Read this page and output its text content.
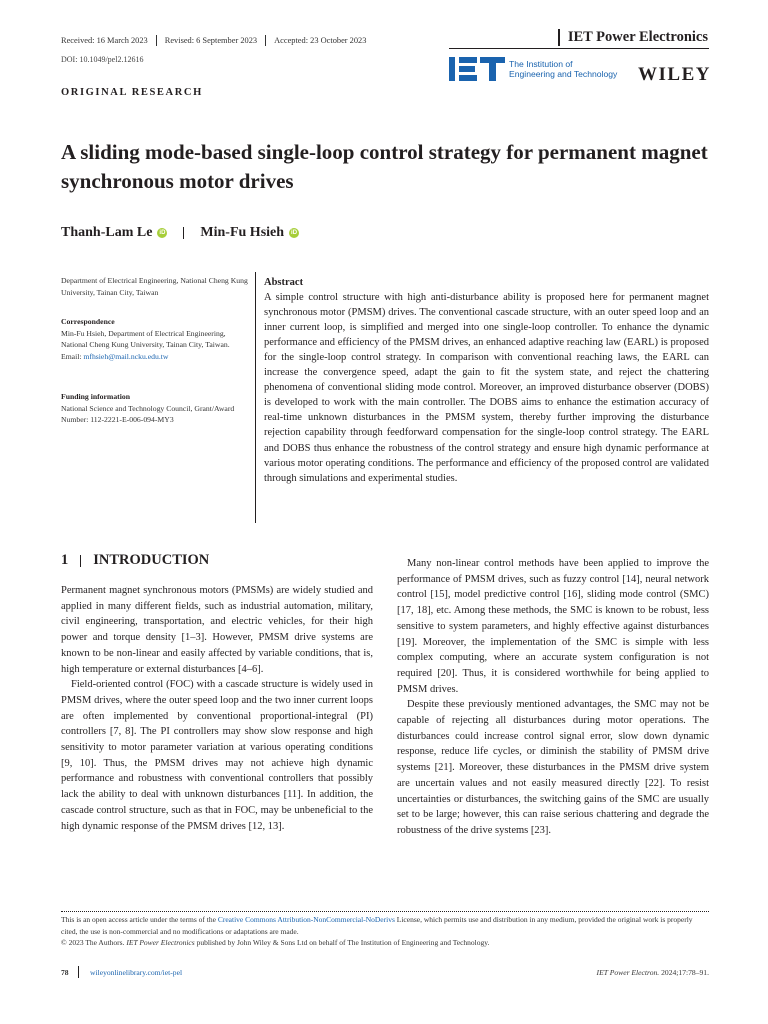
Received: 16 March 2023 Revised: 6 September 2023 Accepted: 23 October 2023	IET Power Electronics
DOI: 10.1049/pel2.12616	The Institution of
Engineering and Technology WILEY
ORIGINAL RESEARCH
A sliding mode-based single-loop control strategy for permanent magnet synchronous motor drives
Thanh-Lam Le	iD	Min-Fu Hsieh	iD
Department of Electrical Engineering, National Cheng Kung University, Tainan City, Taiwan
Correspondence
Min-Fu Hsieh, Department of Electrical Engineering, National Cheng Kung University, Tainan City, Taiwan.
Email: mfhsieh@mail.ncku.edu.tw
Funding information
National Science and Technology Council, Grant/Award Number: 112-2221-E-006-094-MY3
Abstract
A simple control structure with high anti-disturbance ability is proposed here for permanent magnet synchronous motor (PMSM) drives. The conventional cascade structure, with an outer speed loop and an inner current loop, is simplified and merged into one single-loop controller. To enhance the dynamic performance and efficiency of the PMSM drives, an enhanced adaptive reaching law (EARL) is proposed for the single-loop control strategy. In comparison with conventional reaching laws, the EARL can increase the convergence speed, adapt the gain to fit the system state, and reject the chattering phenomena of conventional sliding mode control. Moreover, an improved disturbance observer (DOBS) is developed to work with the main controller. The DOBS aims to enhance the estimation accuracy of real-time unknown disturbances in the PMSM system, thereby further improving the disturbance rejection capability through feedforward compensation for the single-loop control strategy. The EARL and DOBS thus enhance the robustness of the control strategy and ensure high dynamic performance at various motor operating conditions. The performance and efficiency of the proposed control are validated through simulations and experimental studies.
1 INTRODUCTION

Permanent magnet synchronous motors (PMSMs) are widely studied and applied in many different fields, such as industrial automation, military, civil engineering, transportation, and electric vehicles, for their high power and torque density [1–3]. However, PMSM drive systems are known to be non-linear and easily affected by variable conditions, that is, high temperature or external disturbances [4–6].

Field-oriented control (FOC) with a cascade structure is widely used in PMSM drives, where the outer speed loop and the two inner current loops are often implemented by conventional proportional-integral (PI) controllers [7, 8]. The PI controllers may show slow response and high sensitivity to motor parameter variation at various operating conditions [9, 10]. Thus, the PMSM drives may not achieve high dynamic performance and robustness with conventional controllers that possibly lack the ability to deal with unknown disturbances [11]. In addition, the cascade control structure, such as that in FOC, may be unbeneficial to the high dynamic response of the PMSM drives [12, 13].

Many non-linear control methods have been applied to improve the performance of PMSM drives, such as fuzzy control [14], neural network control [15], model predictive control [16], sliding mode control (SMC) [17, 18], etc. Among these methods, the SMC is known to be robust, less sensitive to system parameters, and highly effective against disturbances [19]. Moreover, the implementation of the SMC is simple with less complex computing, where an accurate system configuration is not required [20]. Thus, it is considered worthwhile for being applied to PMSM drives.

Despite these previously mentioned advantages, the SMC may not be capable of rejecting all disturbances during motor operations. The disturbances could increase control signal error, slow down dynamic response, reduce life cycles, or diminish the stability of PMSM drive systems [21]. Moreover, these disturbances in the PMSM drive system are uncertain values and not easily measured directly [22]. To resist uncertainties or disturbances, the switching gains of the SMC are usually set to be large; however, this can raise serious chattering and degrade the robustness of the drive systems [23].

This is an open access article under the terms of the Creative Commons Attribution-NonCommercial-NoDerivs License, which permits use and distribution in any medium, provided the original work is properly cited, the use is non-commercial and no modifications or adaptations are made.
© 2023 The Authors. IET Power Electronics published by John Wiley & Sons Ltd on behalf of The Institution of Engineering and Technology.
78	wileyonlinelibrary.com/iet-pel	IET Power Electron. 2024;17:78–91.
